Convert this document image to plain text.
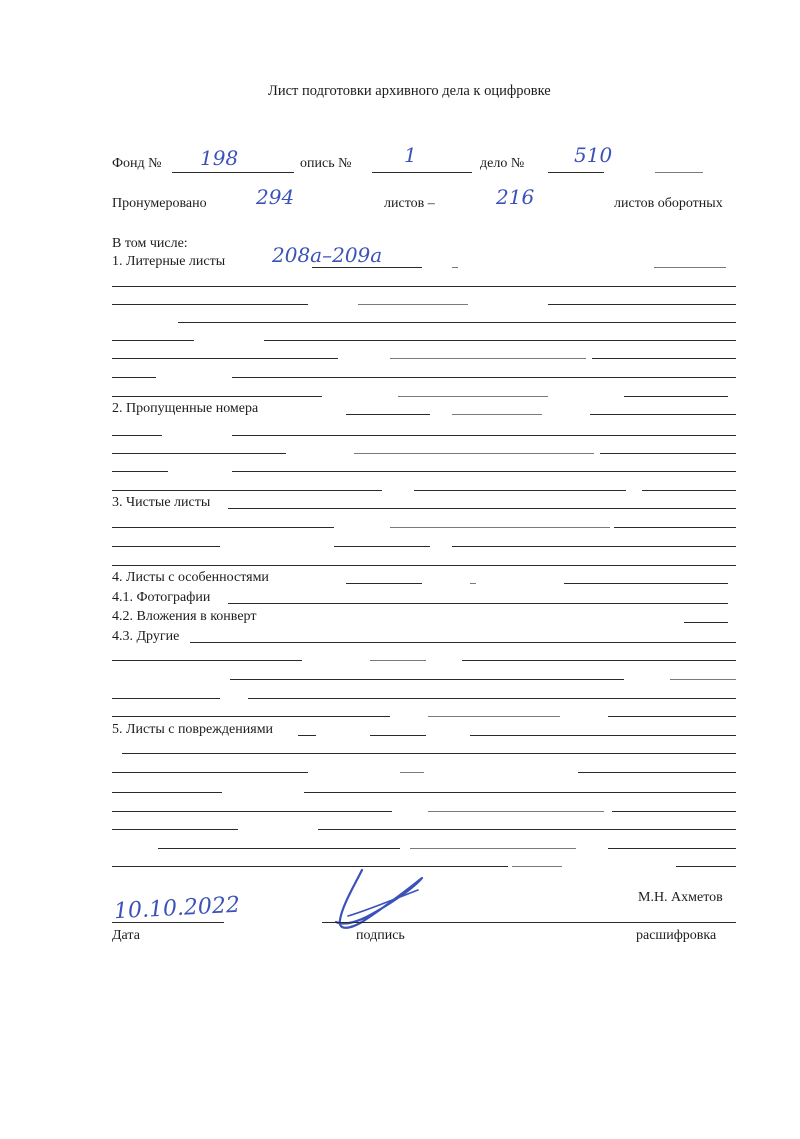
Лист подготовки архивного дела к оцифровке
Фонд № 198	опись №	1	дело № 510
Пронумеровано 294	листов –	216	листов оборотных
В том числе:
1. Литерные листы 208а–209а
2. Пропущенные номера
3. Чистые листы
4. Листы с особенностями
4.1. Фотографии
4.2. Вложения в конверт
4.3. Другие
5. Листы с повреждениями
10.10.2022
Дата	подпись
М.Н. Ахметов
расшифровка
